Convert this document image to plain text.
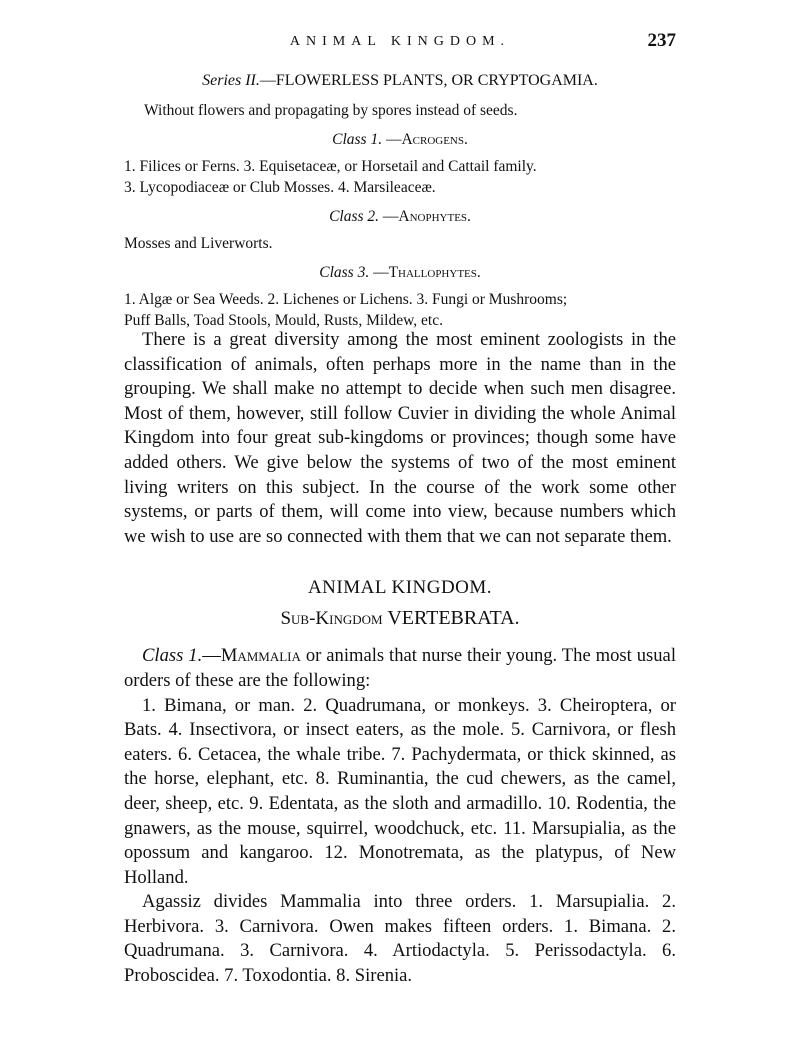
ANIMAL KINGDOM.	237
Series II.—FLOWERLESS PLANTS, OR CRYPTOGAMIA.
Without flowers and propagating by spores instead of seeds.
Class 1. —Acrogens.
1. Filices or Ferns. 3. Equisetaceæ, or Horsetail and Cattail family.
3. Lycopodiaceæ or Club Mosses. 4. Marsileaceæ.
Class 2. —Anophytes.
Mosses and Liverworts.
Class 3. —Thallophytes.
1. Algæ or Sea Weeds. 2. Lichenes or Lichens. 3. Fungi or Mushrooms;
Puff Balls, Toad Stools, Mould, Rusts, Mildew, etc.

There is a great diversity among the most eminent zoologists in the classification of animals, often perhaps more in the name than in the grouping. We shall make no attempt to decide when such men disagree. Most of them, however, still follow Cuvier in dividing the whole Animal Kingdom into four great sub-kingdoms or provinces; though some have added others. We give below the systems of two of the most eminent living writers on this subject. In the course of the work some other systems, or parts of them, will come into view, because numbers which we wish to use are so connected with them that we can not separate them.

ANIMAL KINGDOM.
Sub-Kingdom VERTEBRATA.

Class 1.—Mammalia or animals that nurse their young. The most usual orders of these are the following:

1. Bimana, or man. 2. Quadrumana, or monkeys. 3. Cheiroptera, or Bats. 4. Insectivora, or insect eaters, as the mole. 5. Carnivora, or flesh eaters. 6. Cetacea, the whale tribe. 7. Pachydermata, or thick skinned, as the horse, elephant, etc. 8. Ruminantia, the cud chewers, as the camel, deer, sheep, etc. 9. Edentata, as the sloth and armadillo. 10. Rodentia, the gnawers, as the mouse, squirrel, woodchuck, etc. 11. Marsupialia, as the opossum and kangaroo. 12. Monotremata, as the platypus, of New Holland.

Agassiz divides Mammalia into three orders. 1. Marsupialia. 2. Herbivora. 3. Carnivora. Owen makes fifteen orders. 1. Bimana. 2. Quadrumana. 3. Carnivora. 4. Artiodactyla. 5. Perissodactyla. 6. Proboscidea. 7. Toxodontia. 8. Sirenia.
